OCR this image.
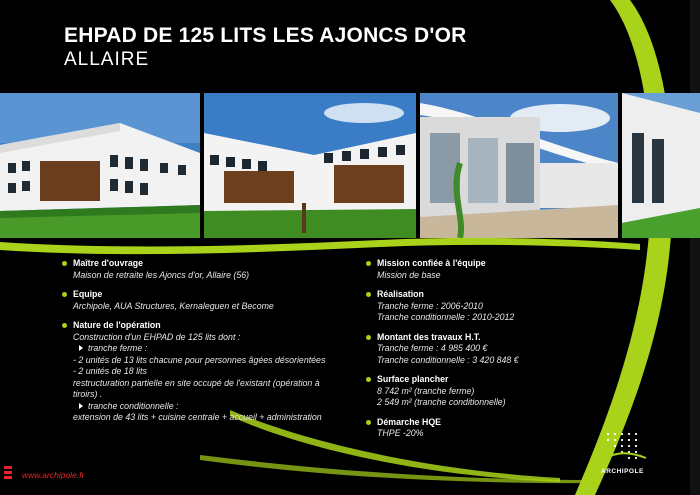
EHPAD DE 125 LITS LES AJONCS D'OR
ALLAIRE
Maître d'ouvrage
Maison de retraite les Ajoncs d'or, Allaire (56)
Equipe
Archipole, AUA Structures, Kernaleguen et Become
Nature de l'opération
Construction d'un EHPAD de 125 lits dont :
tranche ferme :
- 2 unités de 13 lits chacune pour personnes âgées désorientées
- 2 unités de 18 lits
restructuration partielle en site occupé de l'existant (opération à
tiroirs) .
tranche conditionnelle :
extension de 43 lits + cuisine centrale + accueil + administration
Mission confiée à l'équipe
Mission de base
Réalisation
Tranche ferme : 2006-2010
Tranche conditionnelle : 2010-2012
Montant des travaux H.T.
Tranche ferme : 4 985 400 €
Tranche conditionnelle : 3 420 848 €
Surface plancher
8 742 m² (tranche ferme)
2 549 m² (tranche conditionnelle)
Démarche HQE
THPE -20%
www.archipole.fr	ARCHIPOLE
